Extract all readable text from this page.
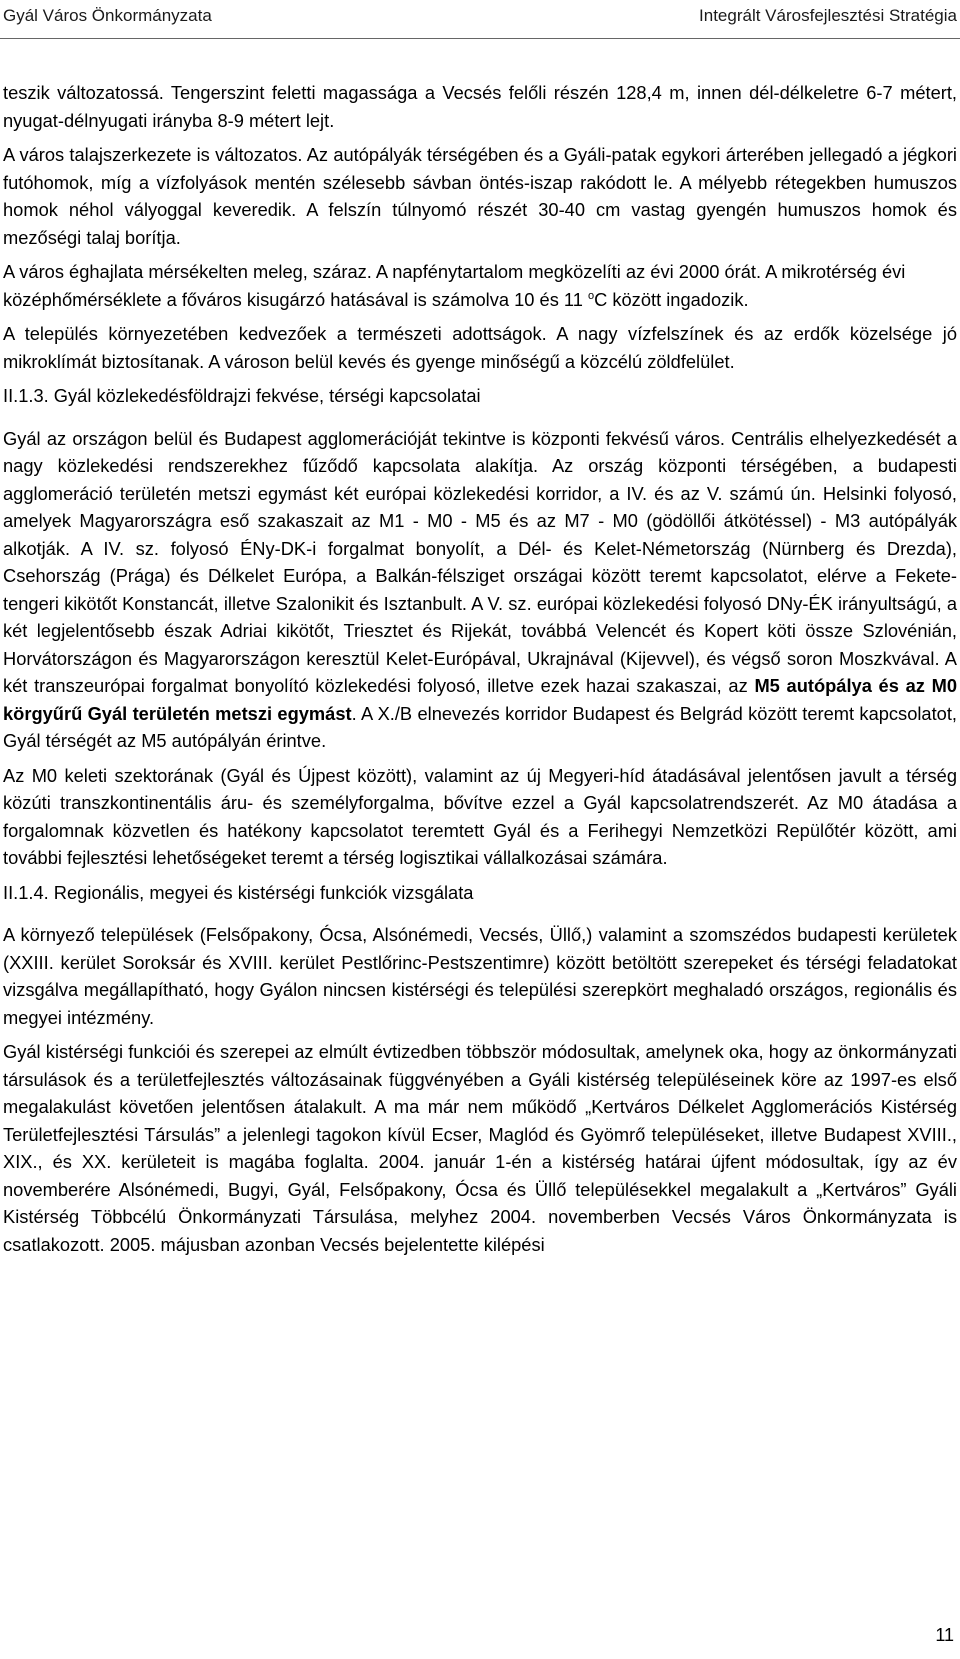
Gyál Város Önkormányzata	Integrált Városfejlesztési Stratégia

teszik változatossá. Tengerszint feletti magassága a Vecsés felőli részén 128,4 m, innen dél-délkeletre 6-7 métert, nyugat-délnyugati irányba 8-9 métert lejt.

A város talajszerkezete is változatos. Az autópályák térségében és a Gyáli-patak egykori árterében jellegadó a jégkori futóhomok, míg a vízfolyások mentén szélesebb sávban öntés-iszap rakódott le. A mélyebb rétegekben humuszos homok néhol vályoggal keveredik. A felszín túlnyomó részét 30-40 cm vastag gyengén humuszos homok és mezőségi talaj borítja.

A város éghajlata mérsékelten meleg, száraz. A napfénytartalom megközelíti az évi 2000 órát. A mikrotérség évi középhőmérséklete a főváros kisugárzó hatásával is számolva 10 és 11 $^o$C között ingadozik.

A település környezetében kedvezőek a természeti adottságok. A nagy vízfelszínek és az erdők közelsége jó mikroklímát biztosítanak. A városon belül kevés és gyenge minőségű a közcélú zöldfelület.

II.1.3. Gyál közlekedésföldrajzi fekvése, térségi kapcsolatai

Gyál az országon belül és Budapest agglomerációját tekintve is központi fekvésű város. Centrális elhelyezkedését a nagy közlekedési rendszerekhez fűződő kapcsolata alakítja. Az ország központi térségében, a budapesti agglomeráció területén metszi egymást két európai közlekedési korridor, a IV. és az V. számú ún. Helsinki folyosó, amelyek Magyarországra eső szakaszait az M1 - M0 - M5 és az M7 - M0 (gödöllői átkötéssel) - M3 autópályák alkotják. A IV. sz. folyosó ÉNy-DK-i forgalmat bonyolít, a Dél- és Kelet-Németország (Nürnberg és Drezda), Csehország (Prága) és Délkelet Európa, a Balkán-félsziget országai között teremt kapcsolatot, elérve a Fekete-tengeri kikötőt Konstancát, illetve Szalonikit és Isztanbult. A V. sz. európai közlekedési folyosó DNy-ÉK irányultságú, a két legjelentősebb észak Adriai kikötőt, Triesztet és Rijekát, továbbá Velencét és Kopert köti össze Szlovénián, Horvátországon és Magyarországon keresztül Kelet-Európával, Ukrajnával (Kijevvel), és végső soron Moszkvával. A két transzeurópai forgalmat bonyolító közlekedési folyosó, illetve ezek hazai szakaszai, az M5 autópálya és az M0 körgyűrű Gyál területén metszi egymást. A X./B elnevezés korridor Budapest és Belgrád között teremt kapcsolatot, Gyál térségét az M5 autópályán érintve.

Az M0 keleti szektorának (Gyál és Újpest között), valamint az új Megyeri-híd átadásával jelentősen javult a térség közúti transzkontinentális áru- és személyforgalma, bővítve ezzel a Gyál kapcsolatrendszerét. Az M0 átadása a forgalomnak közvetlen és hatékony kapcsolatot teremtett Gyál és a Ferihegyi Nemzetközi Repülőtér között, ami további fejlesztési lehetőségeket teremt a térség logisztikai vállalkozásai számára.

II.1.4. Regionális, megyei és kistérségi funkciók vizsgálata

A környező települések (Felsőpakony, Ócsa, Alsónémedi, Vecsés, Üllő,) valamint a szomszédos budapesti kerületek (XXIII. kerület Soroksár és XVIII. kerület Pestlőrinc-Pestszentimre) között betöltött szerepeket és térségi feladatokat vizsgálva megállapítható, hogy Gyálon nincsen kistérségi és települési szerepkört meghaladó országos, regionális és megyei intézmény.

Gyál kistérségi funkciói és szerepei az elmúlt évtizedben többször módosultak, amelynek oka, hogy az önkormányzati társulások és a területfejlesztés változásainak függvényében a Gyáli kistérség településeinek köre az 1997-es első megalakulást követően jelentősen átalakult. A ma már nem működő „Kertváros Délkelet Agglomerációs Kistérség Területfejlesztési Társulás” a jelenlegi tagokon kívül Ecser, Maglód és Gyömrő településeket, illetve Budapest XVIII., XIX., és XX. kerületeit is magába foglalta. 2004. január 1-én a kistérség határai újfent módosultak, így az év novemberére Alsónémedi, Bugyi, Gyál, Felsőpakony, Ócsa és Üllő településekkel megalakult a „Kertváros” Gyáli Kistérség Többcélú Önkormányzati Társulása, melyhez 2004. novemberben Vecsés Város Önkormányzata is csatlakozott. 2005. májusban azonban Vecsés bejelentette kilépési

11
